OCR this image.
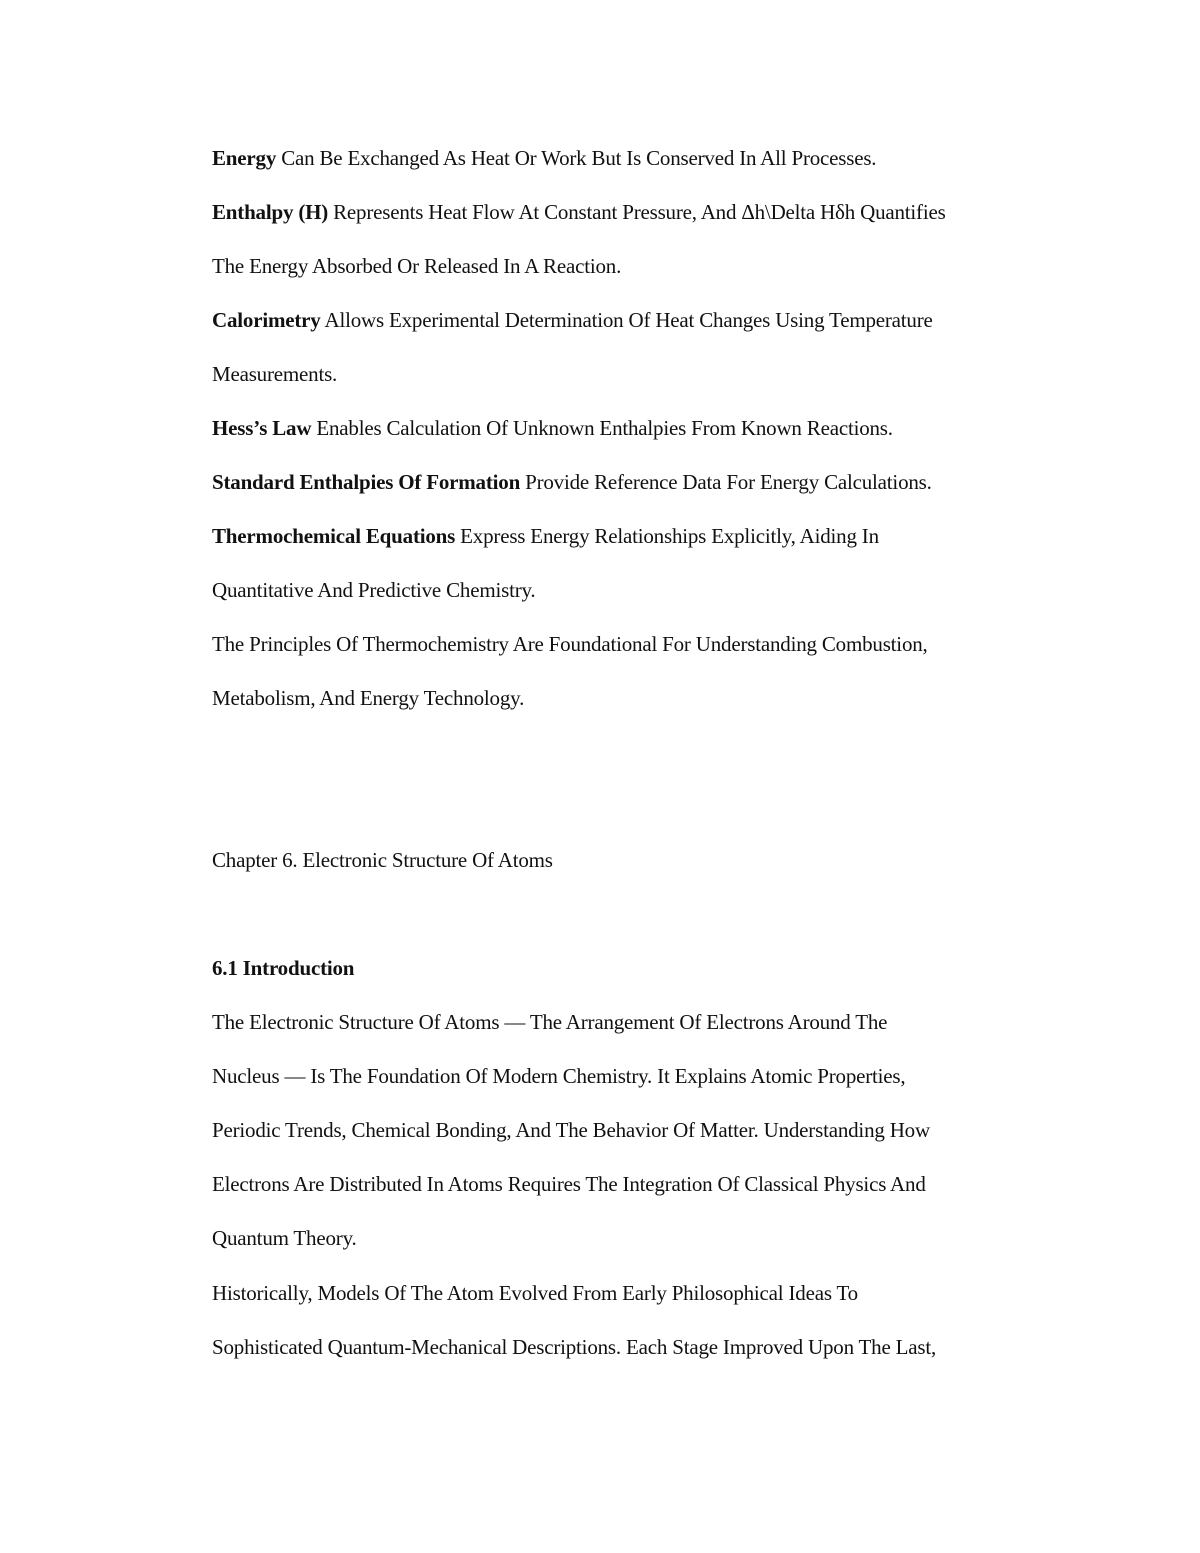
Energy Can Be Exchanged As Heat Or Work But Is Conserved In All Processes.
Enthalpy (H) Represents Heat Flow At Constant Pressure, And Δh\Delta Hδh Quantifies
The Energy Absorbed Or Released In A Reaction.
Calorimetry Allows Experimental Determination Of Heat Changes Using Temperature
Measurements.
Hess’s Law Enables Calculation Of Unknown Enthalpies From Known Reactions.
Standard Enthalpies Of Formation Provide Reference Data For Energy Calculations.
Thermochemical Equations Express Energy Relationships Explicitly, Aiding In
Quantitative And Predictive Chemistry.
The Principles Of Thermochemistry Are Foundational For Understanding Combustion,
Metabolism, And Energy Technology.
Chapter 6. Electronic Structure Of Atoms
6.1 Introduction
The Electronic Structure Of Atoms — The Arrangement Of Electrons Around The
Nucleus — Is The Foundation Of Modern Chemistry. It Explains Atomic Properties,
Periodic Trends, Chemical Bonding, And The Behavior Of Matter. Understanding How
Electrons Are Distributed In Atoms Requires The Integration Of Classical Physics And
Quantum Theory.
Historically, Models Of The Atom Evolved From Early Philosophical Ideas To
Sophisticated Quantum-Mechanical Descriptions. Each Stage Improved Upon The Last,
